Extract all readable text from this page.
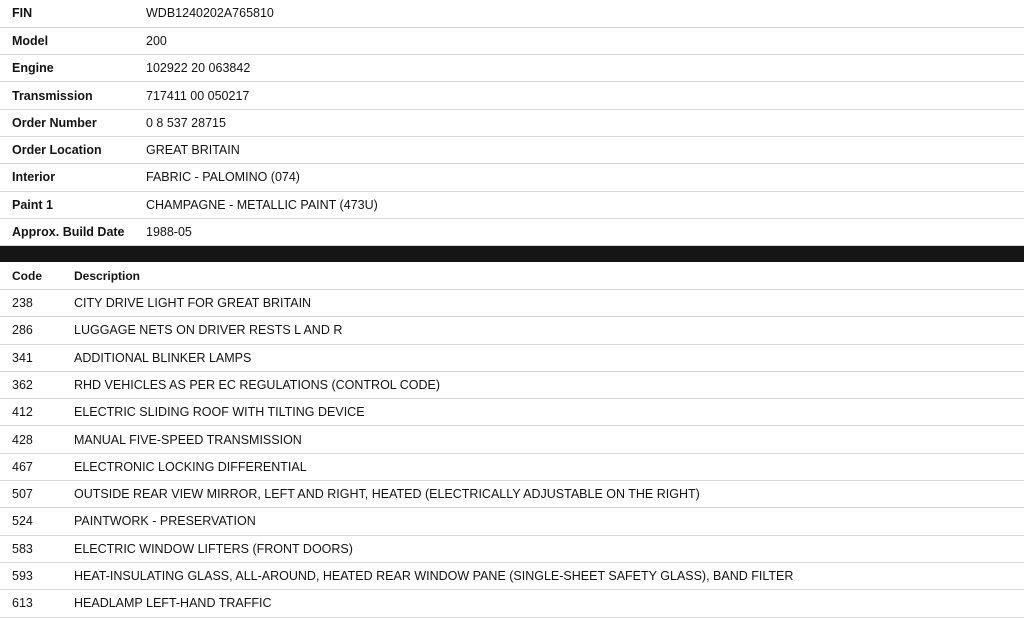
FIN	WDB1240202A765810
Model	200
Engine	102922 20 063842
Transmission	717411 00 050217
Order Number	0 8 537 28715
Order Location	GREAT BRITAIN
Interior	FABRIC - PALOMINO (074)
Paint 1	CHAMPAGNE - METALLIC PAINT (473U)
Approx. Build Date	1988-05
Code	Description
238	CITY DRIVE LIGHT FOR GREAT BRITAIN
286	LUGGAGE NETS ON DRIVER RESTS L AND R
341	ADDITIONAL BLINKER LAMPS
362	RHD VEHICLES AS PER EC REGULATIONS (CONTROL CODE)
412	ELECTRIC SLIDING ROOF WITH TILTING DEVICE
428	MANUAL FIVE-SPEED TRANSMISSION
467	ELECTRONIC LOCKING DIFFERENTIAL
507	OUTSIDE REAR VIEW MIRROR, LEFT AND RIGHT, HEATED (ELECTRICALLY ADJUSTABLE ON THE RIGHT)
524	PAINTWORK - PRESERVATION
583	ELECTRIC WINDOW LIFTERS (FRONT DOORS)
593	HEAT-INSULATING GLASS, ALL-AROUND, HEATED REAR WINDOW PANE (SINGLE-SHEET SAFETY GLASS), BAND FILTER
613	HEADLAMP LEFT-HAND TRAFFIC
